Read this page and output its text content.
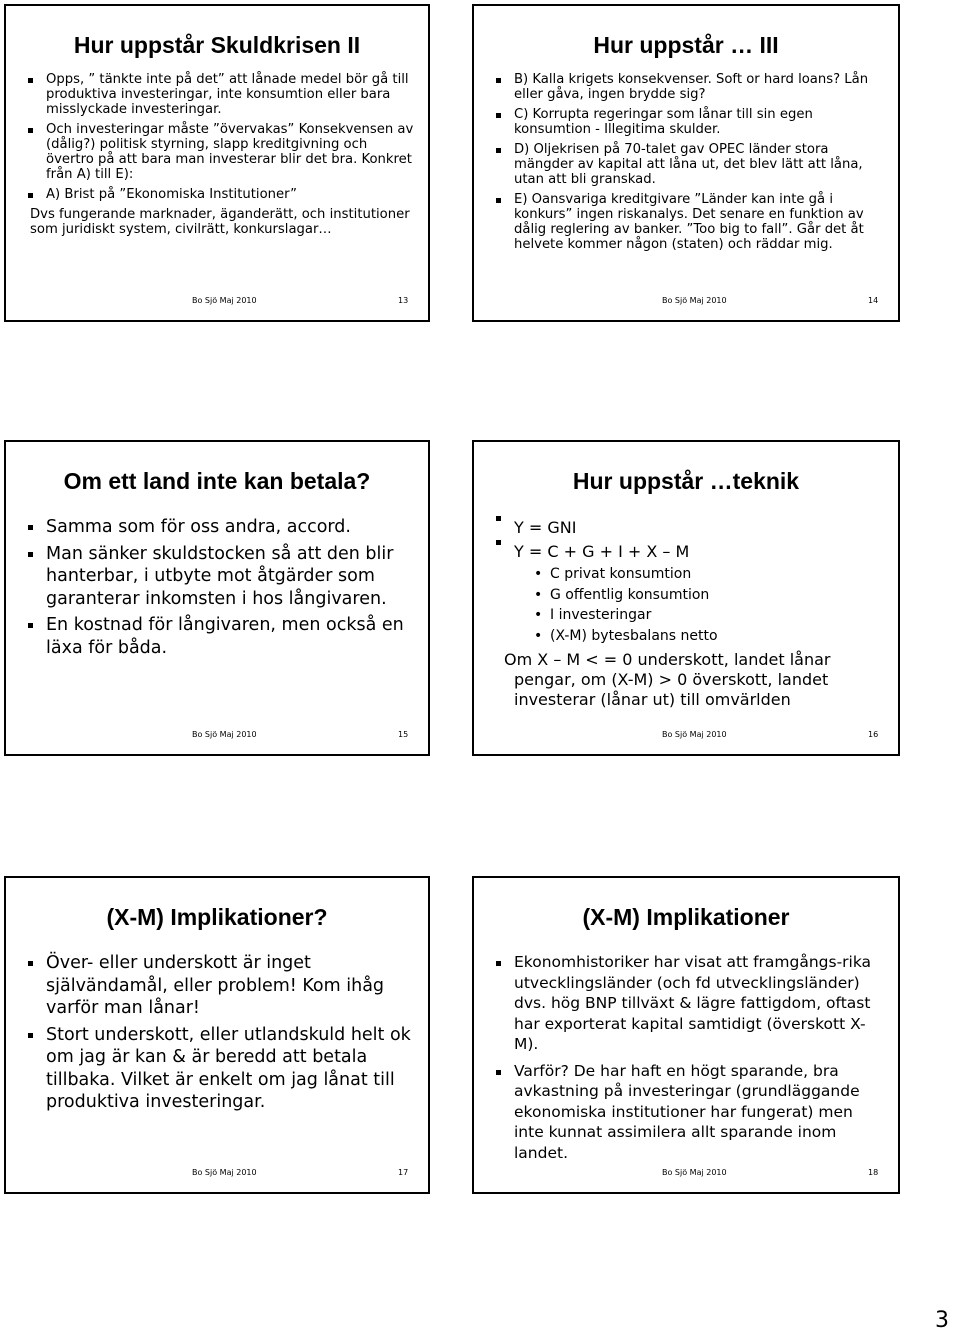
Hur uppstår Skuldkrisen II
Opps, ” tänkte inte på det” att lånade medel bör gå till produktiva investeringar, inte konsumtion eller bara misslyckade investeringar.
Och investeringar måste ”övervakas” Konsekvensen av (dålig?) politisk styrning, slapp kreditgivning och övertro på att bara man investerar blir det bra. Konkret från A) till E):
A) Brist på ”Ekonomiska Institutioner”
Dvs fungerande marknader, äganderätt, och institutioner som juridiskt system, civilrätt, konkurslagar…
Bo Sjö Maj 2010	13
Hur uppstår … III
B) Kalla krigets konsekvenser. Soft or hard loans? Lån eller gåva, ingen brydde sig?
C) Korrupta regeringar som lånar till sin egen konsumtion - Illegitima skulder.
D) Oljekrisen på 70-talet gav OPEC länder stora mängder av kapital att låna ut, det blev lätt att låna, utan att bli granskad.
E) Oansvariga kreditgivare ”Länder kan inte gå i konkurs” ingen riskanalys. Det senare en funktion av dålig reglering av banker. ”Too big to fall”. Går det åt helvete kommer någon (staten) och räddar mig.
Bo Sjö Maj 2010	14
Om ett land inte kan betala?
Samma som för oss andra, accord.
Man sänker skuldstocken så att den blir hanterbar, i utbyte mot åtgärder som garanterar inkomsten i hos långivaren.
En kostnad för långivaren, men också en läxa för båda.
Bo Sjö Maj 2010	15
Hur uppstår …teknik
Y = GNI
Y = C + G + I + X – M
• C privat konsumtion
• G offentlig konsumtion
• I investeringar
• (X-M) bytesbalans netto
Om X – M < = 0 underskott, landet lånar
pengar, om (X-M) > 0 överskott, landet
investerar (lånar ut) till omvärlden
Bo Sjö Maj 2010	16
(X-M) Implikationer?
Över- eller underskott är inget självändamål, eller problem! Kom ihåg varför man lånar!
Stort underskott, eller utlandskuld helt ok om jag är kan & är beredd att betala tillbaka. Vilket är enkelt om jag lånat till produktiva investeringar.
Bo Sjö Maj 2010	17
(X-M) Implikationer
Ekonomhistoriker har visat att framgångs-rika utvecklingsländer (och fd utvecklingsländer) dvs. hög BNP tillväxt & lägre fattigdom, oftast har exporterat kapital samtidigt (överskott X-M).
Varför? De har haft en högt sparande, bra avkastning på investeringar (grundläggande ekonomiska institutioner har fungerat) men inte kunnat assimilera allt sparande inom landet.
Bo Sjö Maj 2010	18
3
